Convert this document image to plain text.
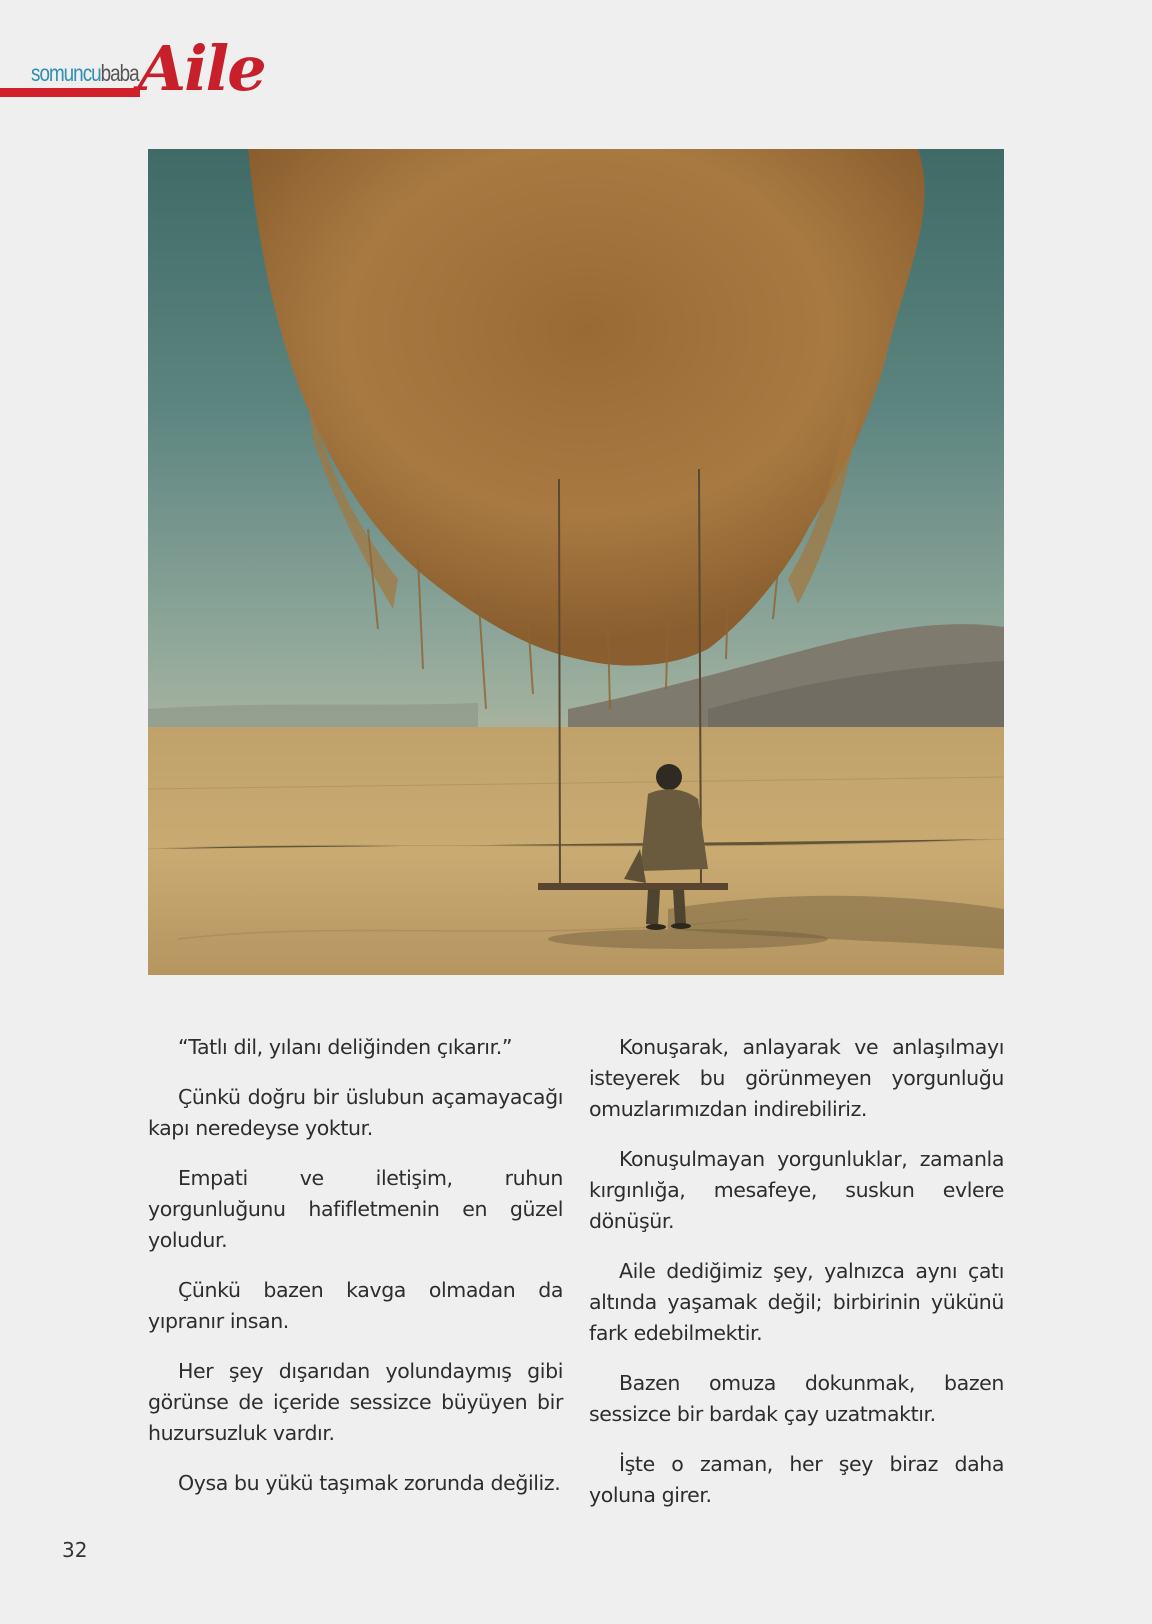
somuncubaba Aile

“Tatlı dil, yılanı deliğinden çıkarır.”

Çünkü doğru bir üslubun açamayacağı kapı neredeyse yoktur.

Empati ve iletişim, ruhun yorgunluğunu hafifletmenin en güzel yoludur.

Çünkü bazen kavga olmadan da yıpranır insan.

Her şey dışarıdan yolundaymış gibi görünse de içeride sessizce büyüyen bir huzursuzluk vardır.

Oysa bu yükü taşımak zorunda değiliz.

Konuşarak, anlayarak ve anlaşılmayı isteyerek bu görünmeyen yorgunluğu omuzlarımızdan indirebiliriz.

Konuşulmayan yorgunluklar, zamanla kırgınlığa, mesafeye, suskun evlere dönüşür.

Aile dediğimiz şey, yalnızca aynı çatı altında yaşamak değil; birbirinin yükünü fark edebilmektir.

Bazen omuza dokunmak, bazen sessizce bir bardak çay uzatmaktır.

İşte o zaman, her şey biraz daha yoluna girer.

32
